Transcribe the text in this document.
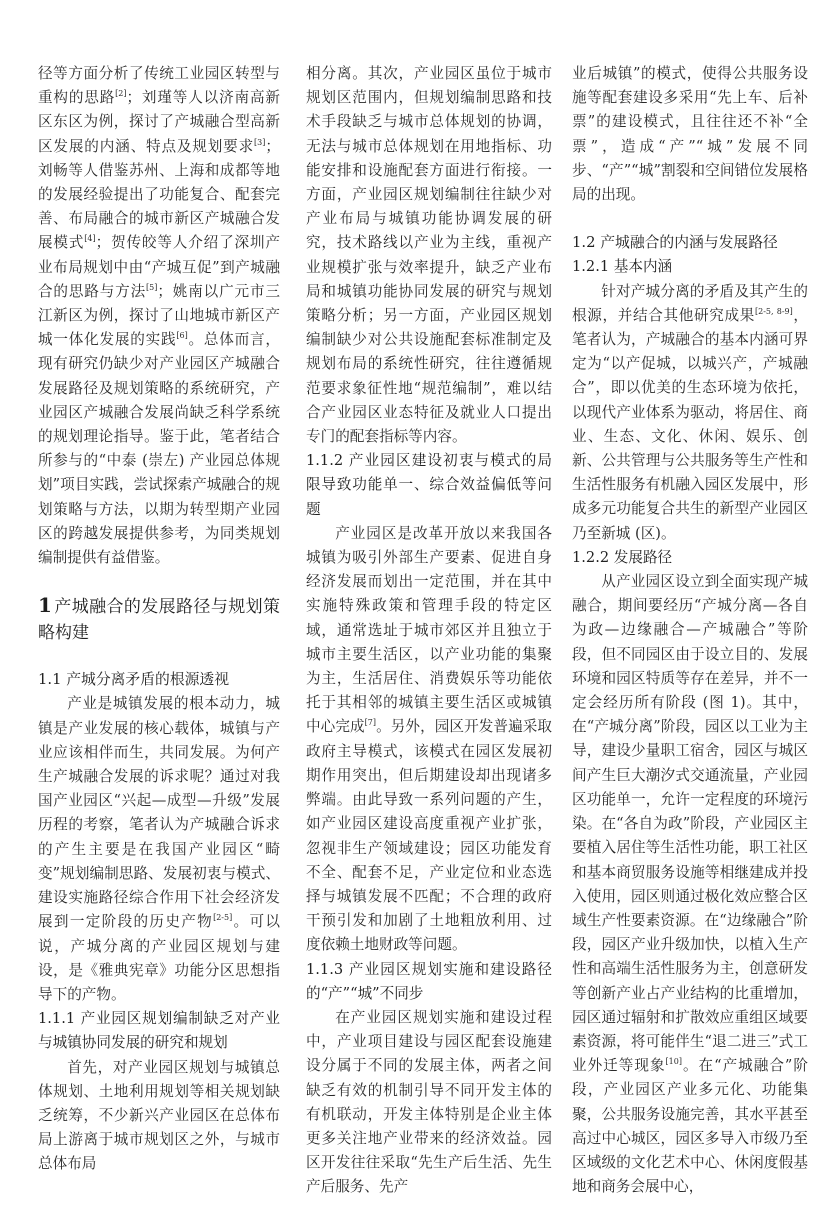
径等方面分析了传统工业园区转型与重构的思路[2]；刘瑾等人以济南高新区东区为例，探讨了产城融合型高新区发展的内涵、特点及规划要求[3]；刘畅等人借鉴苏州、上海和成都等地的发展经验提出了功能复合、配套完善、布局融合的城市新区产城融合发展模式[4]；贺传皎等人介绍了深圳产业布局规划中由“产城互促”到产城融合的思路与方法[5]；姚南以广元市三江新区为例，探讨了山地城市新区产城一体化发展的实践[6]。总体而言，现有研究仍缺少对产业园区产城融合发展路径及规划策略的系统研究，产业园区产城融合发展尚缺乏科学系统的规划理论指导。鉴于此，笔者结合所参与的“中泰 (崇左) 产业园总体规划”项目实践，尝试探索产城融合的规划策略与方法，以期为转型期产业园区的跨越发展提供参考，为同类规划编制提供有益借鉴。

1 产城融合的发展路径与规划策略构建
1.1 产城分离矛盾的根源透视

产业是城镇发展的根本动力，城镇是产业发展的核心载体，城镇与产业应该相伴而生，共同发展。为何产生产城融合发展的诉求呢？通过对我国产业园区“兴起—成型—升级”发展历程的考察，笔者认为产城融合诉求的产生主要是在我国产业园区“畸变”规划编制思路、发展初衷与模式、建设实施路径综合作用下社会经济发展到一定阶段的历史产物[2-5]。可以说，产城分离的产业园区规划与建设，是《雅典宪章》功能分区思想指导下的产物。

1.1.1 产业园区规划编制缺乏对产业与城镇协同发展的研究和规划

首先，对产业园区规划与城镇总体规划、土地利用规划等相关规划缺乏统筹，不少新兴产业园区在总体布局上游离于城市规划区之外，与城市总体布局

相分离。其次，产业园区虽位于城市规划区范围内，但规划编制思路和技术手段缺乏与城市总体规划的协调，无法与城市总体规划在用地指标、功能安排和设施配套方面进行衔接。一方面，产业园区规划编制往往缺少对产业布局与城镇功能协调发展的研究，技术路线以产业为主线，重视产业规模扩张与效率提升，缺乏产业布局和城镇功能协同发展的研究与规划策略分析；另一方面，产业园区规划编制缺少对公共设施配套标准制定及规划布局的系统性研究，往往遵循规范要求象征性地“规范编制”，难以结合产业园区业态特征及就业人口提出专门的配套指标等内容。

1.1.2 产业园区建设初衷与模式的局限导致功能单一、综合效益偏低等问题

产业园区是改革开放以来我国各城镇为吸引外部生产要素、促进自身经济发展而划出一定范围，并在其中实施特殊政策和管理手段的特定区域，通常选址于城市郊区并且独立于城市主要生活区，以产业功能的集聚为主，生活居住、消费娱乐等功能依托于其相邻的城镇主要生活区或城镇中心完成[7]。另外，园区开发普遍采取政府主导模式，该模式在园区发展初期作用突出，但后期建设却出现诸多弊端。由此导致一系列问题的产生，如产业园区建设高度重视产业扩张，忽视非生产领域建设；园区功能发育不全、配套不足，产业定位和业态选择与城镇发展不匹配；不合理的政府干预引发和加剧了土地粗放利用、过度依赖土地财政等问题。

1.1.3 产业园区规划实施和建设路径的“产”“城”不同步

在产业园区规划实施和建设过程中，产业项目建设与园区配套设施建设分属于不同的发展主体，两者之间缺乏有效的机制引导不同开发主体的有机联动，开发主体特别是企业主体更多关注地产业带来的经济效益。园区开发往往采取“先生产后生活、先生产后服务、先产

业后城镇”的模式，使得公共服务设施等配套建设多采用“先上车、后补票”的建设模式，且往往还不补“全票”，造成“产”“城”发展不同步、“产”“城”割裂和空间错位发展格局的出现。

1.2 产城融合的内涵与发展路径
1.2.1 基本内涵

针对产城分离的矛盾及其产生的根源，并结合其他研究成果[2-5, 8-9]，笔者认为，产城融合的基本内涵可界定为“以产促城，以城兴产，产城融合”，即以优美的生态环境为依托，以现代产业体系为驱动，将居住、商业、生态、文化、休闲、娱乐、创新、公共管理与公共服务等生产性和生活性服务有机融入园区发展中，形成多元功能复合共生的新型产业园区乃至新城 (区)。

1.2.2 发展路径

从产业园区设立到全面实现产城融合，期间要经历“产城分离—各自为政—边缘融合—产城融合”等阶段，但不同园区由于设立目的、发展环境和园区特质等存在差异，并不一定会经历所有阶段 (图 1)。其中，在“产城分离”阶段，园区以工业为主导，建设少量职工宿舍，园区与城区间产生巨大潮汐式交通流量，产业园区功能单一，允许一定程度的环境污染。在“各自为政”阶段，产业园区主要植入居住等生活性功能，职工社区和基本商贸服务设施等相继建成并投入使用，园区则通过极化效应整合区域生产性要素资源。在“边缘融合”阶段，园区产业升级加快，以植入生产性和高端生活性服务为主，创意研发等创新产业占产业结构的比重增加，园区通过辐射和扩散效应重组区域要素资源，将可能伴生“退二进三”式工业外迁等现象[10]。在“产城融合”阶段，产业园区产业多元化、功能集聚，公共服务设施完善，其水平甚至高过中心城区，园区多导入市级乃至区域级的文化艺术中心、休闲度假基地和商务会展中心，
